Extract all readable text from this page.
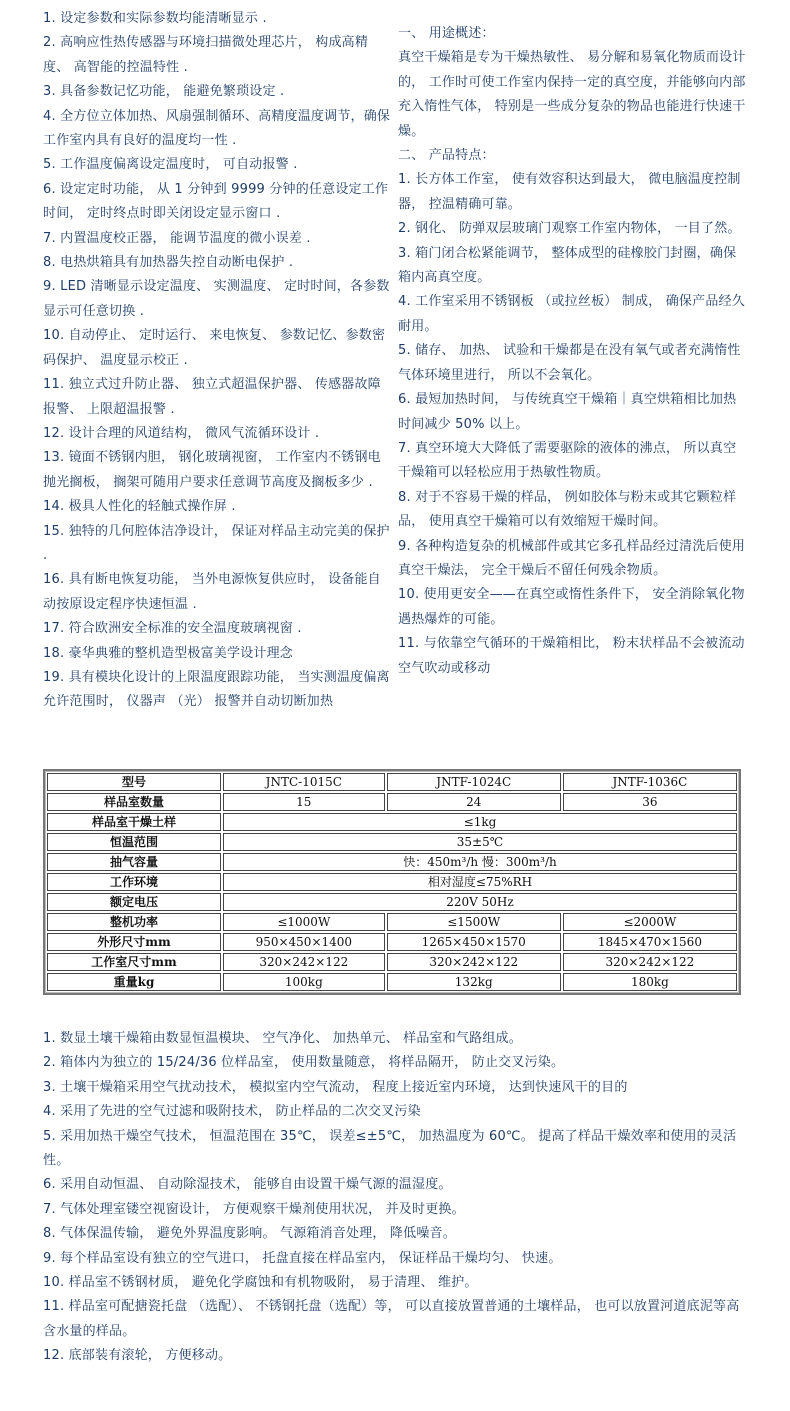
1. 设定参数和实际参数均能清晰显示 .

2. 高响应性热传感器与环境扫描微处理芯片， 构成高精度、 高智能的控温特性 .

3. 具备参数记忆功能， 能避免繁琐设定 .

4. 全方位立体加热、风扇强制循环、高精度温度调节，确保工作室内具有良好的温度均一性 .

5. 工作温度偏离设定温度时， 可自动报警 .

6. 设定定时功能， 从 1 分钟到 9999 分钟的任意设定工作时间， 定时终点时即关闭设定显示窗口 .

7. 内置温度校正器， 能调节温度的微小误差 .

8. 电热烘箱具有加热器失控自动断电保护 .

9. LED 清晰显示设定温度、 实测温度、 定时时间，各参数显示可任意切换 .

10. 自动停止、 定时运行、 来电恢复、 参数记忆、参数密码保护、 温度显示校正 .

11. 独立式过升防止器、 独立式超温保护器、 传感器故障报警、 上限超温报警 .

12. 设计合理的风道结构， 微风气流循环设计 .

13. 镜面不锈钢内胆， 钢化玻璃视窗， 工作室内不锈钢电抛光搁板， 搁架可随用户要求任意调节高度及搁板多少 .

14. 极具人性化的轻触式操作屏 .

15. 独特的几何腔体洁净设计， 保证对样品主动完美的保护 .

16. 具有断电恢复功能， 当外电源恢复供应时， 设备能自动按原设定程序快速恒温 .

17. 符合欧洲安全标准的安全温度玻璃视窗 .

18. 豪华典雅的整机造型极富美学设计理念

19. 具有模块化设计的上限温度跟踪功能， 当实测温度偏离允许范围时， 仪器声 （光） 报警并自动切断加热

一、 用途概述：

真空干燥箱是专为干燥热敏性、 易分解和易氧化物质而设计的， 工作时可使工作室内保持一定的真空度，并能够向内部充入惰性气体， 特别是一些成分复杂的物品也能进行快速干燥。

二、 产品特点：

1. 长方体工作室， 使有效容积达到最大， 微电脑温度控制器， 控温精确可靠。

2. 钢化、 防弹双层玻璃门观察工作室内物体， 一目了然。

3. 箱门闭合松紧能调节， 整体成型的硅橡胶门封圈，确保箱内高真空度。

4. 工作室采用不锈钢板 （或拉丝板） 制成， 确保产品经久耐用。

5. 储存、 加热、 试验和干燥都是在没有氧气或者充满惰性气体环境里进行， 所以不会氧化。

6. 最短加热时间， 与传统真空干燥箱｜真空烘箱相比加热时间减少 50% 以上。

7. 真空环境大大降低了需要驱除的液体的沸点， 所以真空干燥箱可以轻松应用于热敏性物质。

8. 对于不容易干燥的样品， 例如胶体与粉末或其它颗粒样品， 使用真空干燥箱可以有效缩短干燥时间。

9. 各种构造复杂的机械部件或其它多孔样品经过清洗后使用真空干燥法， 完全干燥后不留任何残余物质。

10. 使用更安全——在真空或惰性条件下， 安全消除氧化物遇热爆炸的可能。

11. 与依靠空气循环的干燥箱相比， 粉末状样品不会被流动空气吹动或移动

型号	JNTC-1015C	JNTF-1024C	JNTF-1036C
样品室数量	15	24	36
样品室干燥土样	≤1kg		
恒温范围	35±5℃		
抽气容量	快：450m³/h 慢：300m³/h		
工作环境	相对湿度≤75%RH		
额定电压	220V 50Hz		
整机功率	≤1000W	≤1500W	≤2000W
外形尺寸mm	950×450×1400	1265×450×1570	1845×470×1560
工作室尺寸mm	320×242×122	320×242×122	320×242×122
重量kg	100kg	132kg	180kg

1. 数显土壤干燥箱由数显恒温模块、 空气净化、 加热单元、 样品室和气路组成。

2. 箱体内为独立的 15/24/36 位样品室， 使用数量随意， 将样品隔开， 防止交叉污染。

3. 土壤干燥箱采用空气扰动技术， 模拟室内空气流动， 程度上接近室内环境， 达到快速风干的目的

4. 采用了先进的空气过滤和吸附技术， 防止样品的二次交叉污染

5. 采用加热干燥空气技术， 恒温范围在 35℃， 误差≤±5℃， 加热温度为 60℃。 提高了样品干燥效率和使用的灵活性。

6. 采用自动恒温、 自动除湿技术， 能够自由设置干燥气源的温湿度。

7. 气体处理室镂空视窗设计， 方便观察干燥剂使用状况， 并及时更换。

8. 气体保温传输， 避免外界温度影响。 气源箱消音处理， 降低噪音。

9. 每个样品室设有独立的空气进口， 托盘直接在样品室内， 保证样品干燥均匀、 快速。

10. 样品室不锈钢材质， 避免化学腐蚀和有机物吸附， 易于清理、 维护。

11. 样品室可配搪瓷托盘 （选配）、 不锈钢托盘（选配）等， 可以直接放置普通的土壤样品， 也可以放置河道底泥等高含水量的样品。

12. 底部装有滚轮， 方便移动。
